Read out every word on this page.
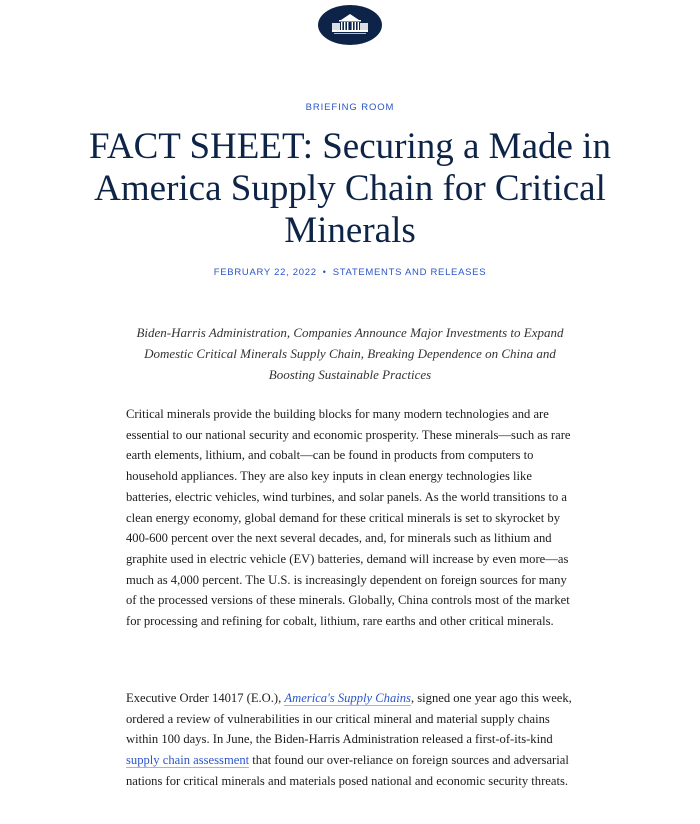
BRIEFING ROOM
FACT SHEET: Securing a Made in America Supply Chain for Critical Minerals
FEBRUARY 22, 2022 • STATEMENTS AND RELEASES
Biden-Harris Administration, Companies Announce Major Investments to Expand Domestic Critical Minerals Supply Chain, Breaking Dependence on China and Boosting Sustainable Practices

Critical minerals provide the building blocks for many modern technologies and are essential to our national security and economic prosperity. These minerals—such as rare earth elements, lithium, and cobalt—can be found in products from computers to household appliances. They are also key inputs in clean energy technologies like batteries, electric vehicles, wind turbines, and solar panels. As the world transitions to a clean energy economy, global demand for these critical minerals is set to skyrocket by 400-600 percent over the next several decades, and, for minerals such as lithium and graphite used in electric vehicle (EV) batteries, demand will increase by even more—as much as 4,000 percent. The U.S. is increasingly dependent on foreign sources for many of the processed versions of these minerals. Globally, China controls most of the market for processing and refining for cobalt, lithium, rare earths and other critical minerals.

Executive Order 14017 (E.O.), America's Supply Chains, signed one year ago this week, ordered a review of vulnerabilities in our critical mineral and material supply chains within 100 days. In June, the Biden-Harris Administration released a first-of-its-kind supply chain assessment that found our over-reliance on foreign sources and adversarial nations for critical minerals and materials posed national and economic security threats.
